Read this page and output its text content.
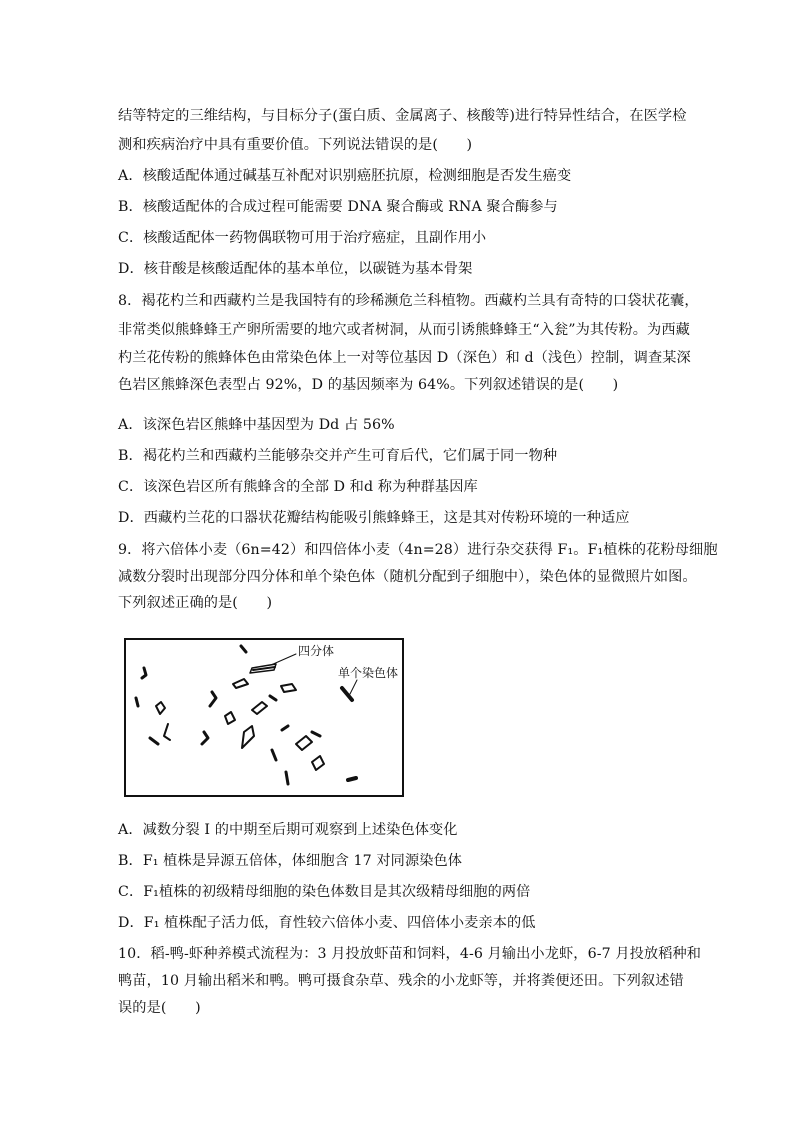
结等特定的三维结构，与目标分子(蛋白质、金属离子、核酸等)进行特异性结合，在医学检
测和疾病治疗中具有重要价值。下列说法错误的是(　　)
A．核酸适配体通过碱基互补配对识别癌胚抗原，检测细胞是否发生癌变
B．核酸适配体的合成过程可能需要 DNA 聚合酶或 RNA 聚合酶参与
C．核酸适配体一药物偶联物可用于治疗癌症，且副作用小
D．核苷酸是核酸适配体的基本单位，以碳链为基本骨架
8．褐花杓兰和西藏杓兰是我国特有的珍稀濒危兰科植物。西藏杓兰具有奇特的口袋状花囊，
非常类似熊蜂蜂王产卵所需要的地穴或者树洞，从而引诱熊蜂蜂王“入瓮”为其传粉。为西藏
杓兰花传粉的熊蜂体色由常染色体上一对等位基因 D（深色）和 d（浅色）控制，调查某深
色岩区熊蜂深色表型占 92%，D 的基因频率为 64%。下列叙述错误的是(　　)
A．该深色岩区熊蜂中基因型为 Dd 占 56%
B．褐花杓兰和西藏杓兰能够杂交并产生可育后代，它们属于同一物种
C．该深色岩区所有熊蜂含的全部 D 和d 称为种群基因库
D．西藏杓兰花的口器状花瓣结构能吸引熊蜂蜂王，这是其对传粉环境的一种适应
9．将六倍体小麦（6n=42）和四倍体小麦（4n=28）进行杂交获得 F₁。F₁植株的花粉母细胞
减数分裂时出现部分四分体和单个染色体（随机分配到子细胞中），染色体的显微照片如图。
下列叙述正确的是(　　)
四分体
单个染色体
A．减数分裂 I 的中期至后期可观察到上述染色体变化
B．F₁ 植株是异源五倍体，体细胞含 17 对同源染色体
C．F₁植株的初级精母细胞的染色体数目是其次级精母细胞的两倍
D．F₁ 植株配子活力低，育性较六倍体小麦、四倍体小麦亲本的低
10．稻-鸭-虾种养模式流程为：3 月投放虾苗和饲料，4-6 月输出小龙虾，6-7 月投放稻种和
鸭苗，10 月输出稻米和鸭。鸭可摄食杂草、残余的小龙虾等，并将粪便还田。下列叙述错
误的是(　　)
